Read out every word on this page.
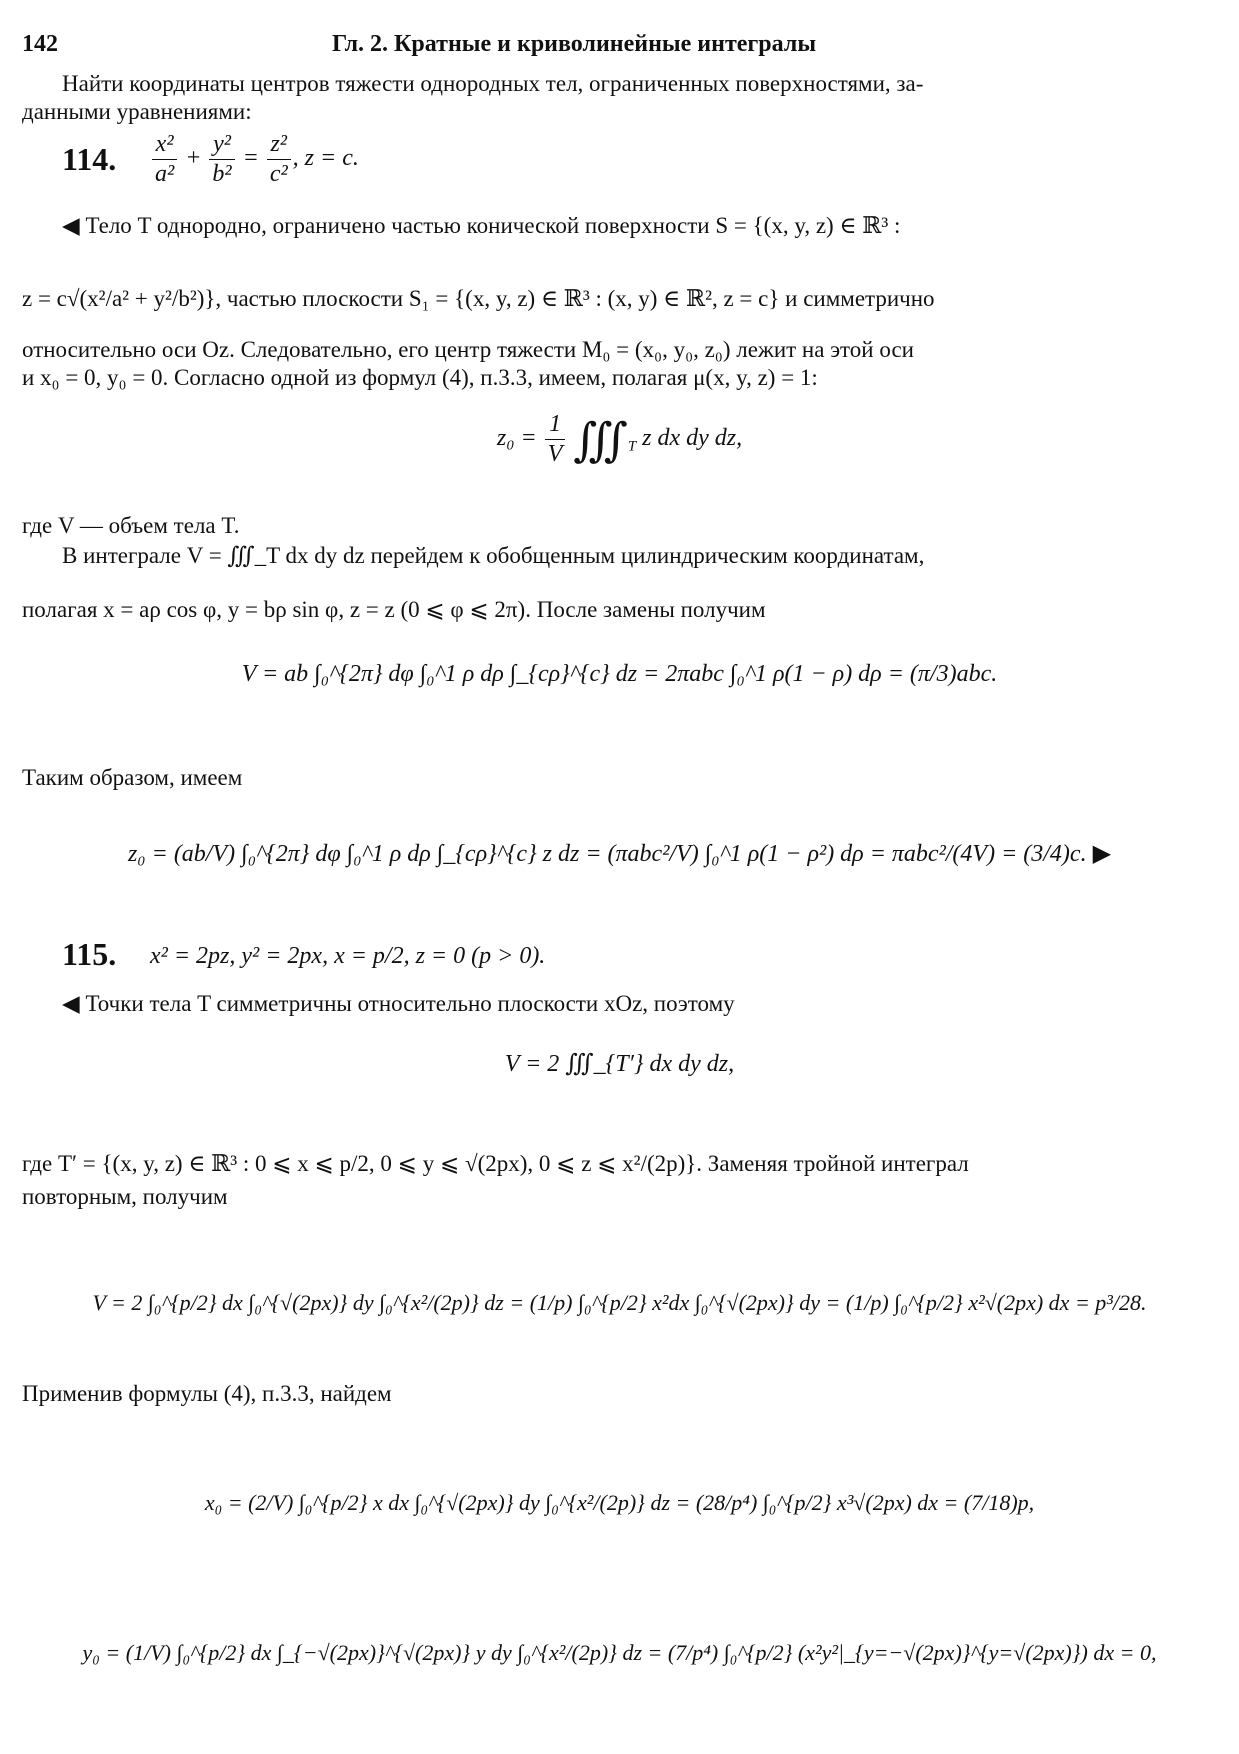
142	Гл. 2. Кратные и криволинейные интегралы
Найти координаты центров тяжести однородных тел, ограниченных поверхностями, за-
данными уравнениями:
114. $\frac{\text{x²}}{\text{a²}} + \frac{\text{y²}}{\text{b²}} = \frac{\text{z²}}{\text{c²}}$ , z = c.
◀ Тело T однородно, ограничено частью конической поверхности S = {(x, y, z) ∈ ℝ³ :
z = c√(x²/a² + y²/b²)}, частью плоскости S₁ = {(x, y, z) ∈ ℝ³ : (x, y) ∈ ℝ², z = c} и симметрично
относительно оси Oz. Следовательно, его центр тяжести M₀ = (x₀, y₀, z₀) лежит на этой оси
и x₀ = 0, y₀ = 0. Согласно одной из формул (4), п.3.3, имеем, полагая μ(x, y, z) = 1:
$z_0 = \frac{1}{V}$ $∭_T$ z dx dy dz,
где V — объем тела T.
В интеграле V = ∭_T dx dy dz перейдем к обобщенным цилиндрическим координатам,
полагая x = aρ cos φ, y = bρ sin φ, z = z (0 ⩽ φ ⩽ 2π). После замены получим
V = ab ∫₀^{2π} dφ ∫₀^1 ρ dρ ∫_{cρ}^{c} dz = 2πabc ∫₀^1 ρ(1 − ρ) dρ = (π/3)abc.
Таким образом, имеем
z₀ = (ab/V) ∫₀^{2π} dφ ∫₀^1 ρ dρ ∫_{cρ}^{c} z dz = (πabc²/V) ∫₀^1 ρ(1 − ρ²) dρ = πabc²/(4V) = (3/4)c. ▶
115. x² = 2pz, y² = 2px, x = p/2, z = 0 (p > 0).
◀ Точки тела T симметричны относительно плоскости xOz, поэтому
V = 2 ∭_{T′} dx dy dz,
где T′ = {(x, y, z) ∈ ℝ³ : 0 ⩽ x ⩽ p/2, 0 ⩽ y ⩽ √(2px), 0 ⩽ z ⩽ x²/(2p)}. Заменяя тройной интеграл
повторным, получим
V = 2 ∫₀^{p/2} dx ∫₀^{√(2px)} dy ∫₀^{x²/(2p)} dz = (1/p) ∫₀^{p/2} x²dx ∫₀^{√(2px)} dy = (1/p) ∫₀^{p/2} x²√(2px) dx = p³/28.
Применив формулы (4), п.3.3, найдем
x₀ = (2/V) ∫₀^{p/2} x dx ∫₀^{√(2px)} dy ∫₀^{x²/(2p)} dz = (28/p⁴) ∫₀^{p/2} x³√(2px) dx = (7/18)p,
y₀ = (1/V) ∫₀^{p/2} dx ∫_{−√(2px)}^{√(2px)} y dy ∫₀^{x²/(2p)} dz = (7/p⁴) ∫₀^{p/2} (x²y²|_{y=−√(2px)}^{y=√(2px)}) dx = 0,
